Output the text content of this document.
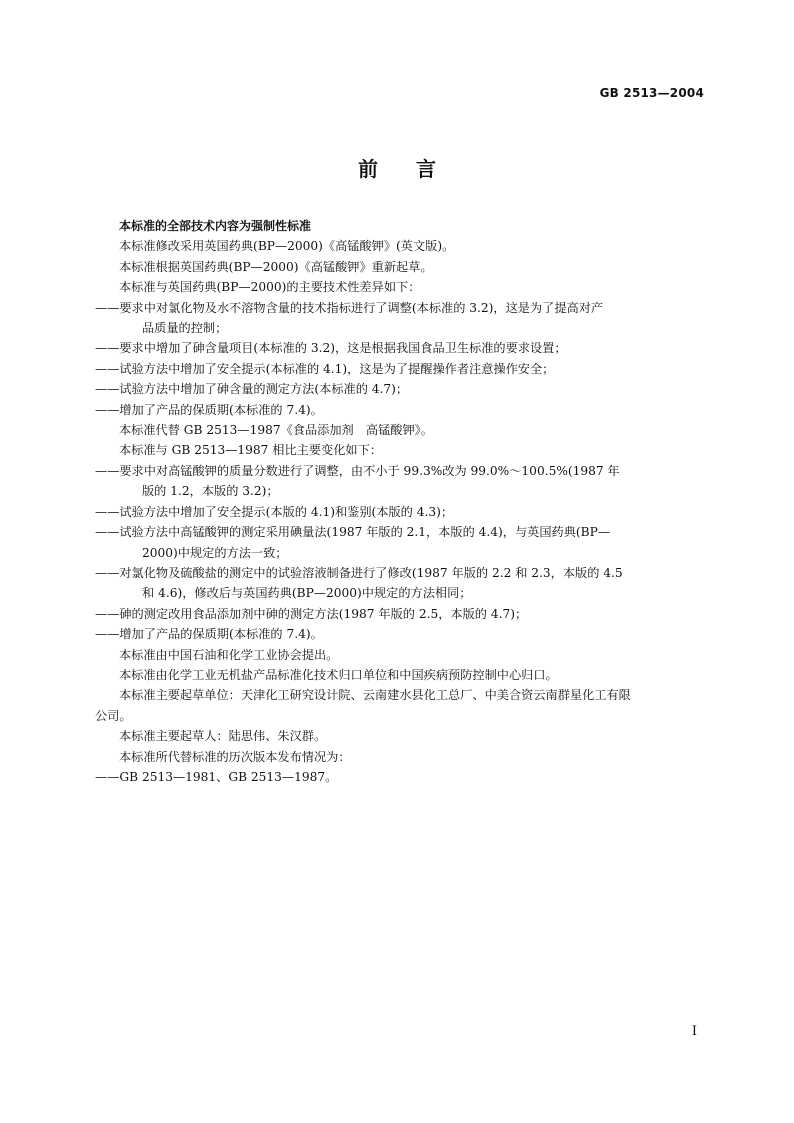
GB 2513—2004
前 言
本标准的全部技术内容为强制性标准
本标准修改采用英国药典(BP—2000)《高锰酸钾》(英文版)。
本标准根据英国药典(BP—2000)《高锰酸钾》重新起草。
本标准与英国药典(BP—2000)的主要技术性差异如下：
——要求中对氯化物及水不溶物含量的技术指标进行了调整(本标准的 3.2)，这是为了提高对产
品质量的控制；
——要求中增加了砷含量项目(本标准的 3.2)，这是根据我国食品卫生标准的要求设置；
——试验方法中增加了安全提示(本标准的 4.1)，这是为了提醒操作者注意操作安全；
——试验方法中增加了砷含量的测定方法(本标准的 4.7)；
——增加了产品的保质期(本标准的 7.4)。
本标准代替 GB 2513—1987《食品添加剂　高锰酸钾》。
本标准与 GB 2513—1987 相比主要变化如下：
——要求中对高锰酸钾的质量分数进行了调整，由不小于 99.3%改为 99.0%～100.5%(1987 年
版的 1.2，本版的 3.2)；
——试验方法中增加了安全提示(本版的 4.1)和鉴别(本版的 4.3)；
——试验方法中高锰酸钾的测定采用碘量法(1987 年版的 2.1，本版的 4.4)，与英国药典(BP—
2000)中规定的方法一致；
——对氯化物及硫酸盐的测定中的试验溶液制备进行了修改(1987 年版的 2.2 和 2.3，本版的 4.5
和 4.6)，修改后与英国药典(BP—2000)中规定的方法相同；
——砷的测定改用食品添加剂中砷的测定方法(1987 年版的 2.5，本版的 4.7)；
——增加了产品的保质期(本标准的 7.4)。
本标准由中国石油和化学工业协会提出。
本标准由化学工业无机盐产品标准化技术归口单位和中国疾病预防控制中心归口。
本标准主要起草单位：天津化工研究设计院、云南建水县化工总厂、中美合资云南群星化工有限
公司。
本标准主要起草人：陆思伟、朱汉群。
本标准所代替标准的历次版本发布情况为：
——GB 2513—1981、GB 2513—1987。
I
